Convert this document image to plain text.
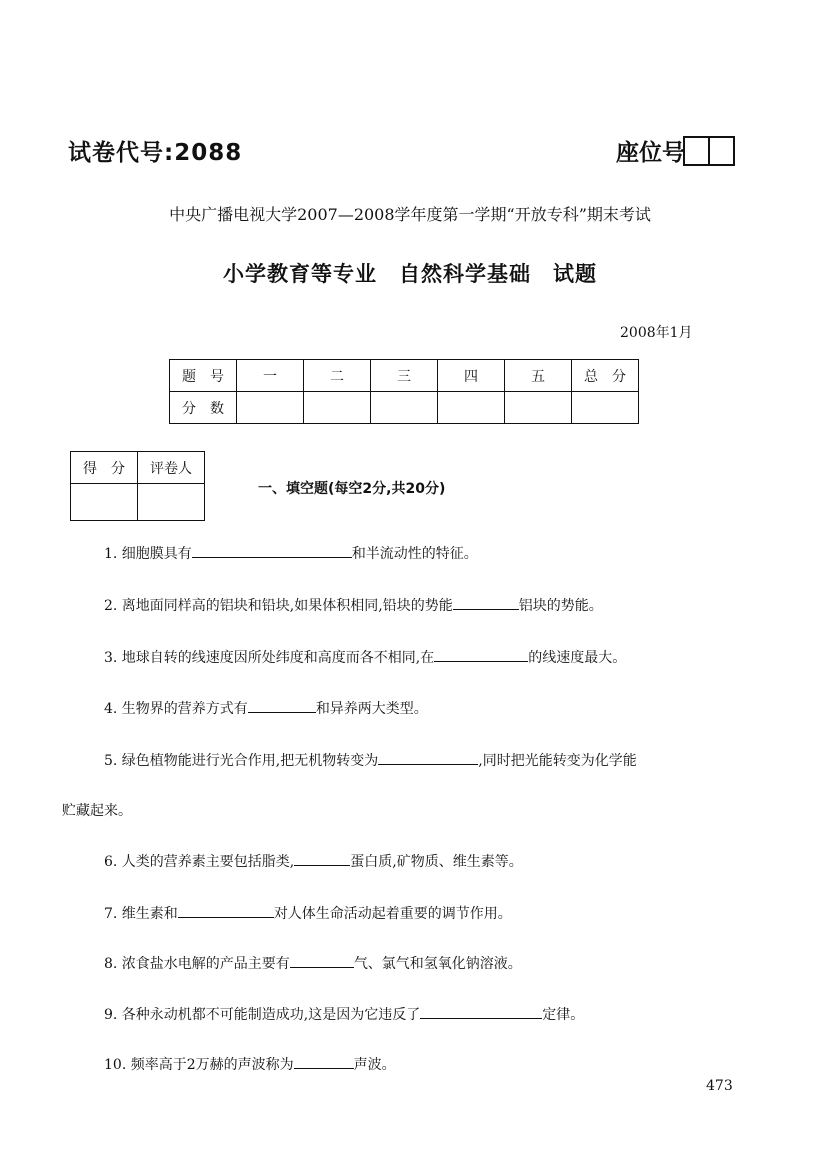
试卷代号:2088	座位号
中央广播电视大学2007—2008学年度第一学期“开放专科”期末考试
小学教育等专业　自然科学基础　试题
2008年1月
题　号	一	二	三	四	五	总　分
分　数						
得　分	评卷人

一、填空题(每空2分,共20分)
1. 细胞膜具有	和半流动性的特征。
2. 离地面同样高的铝块和铅块,如果体积相同,铅块的势能	铝块的势能。
3. 地球自转的线速度因所处纬度和高度而各不相同,在	的线速度最大。
4. 生物界的营养方式有	和异养两大类型。
5. 绿色植物能进行光合作用,把无机物转变为	,同时把光能转变为化学能
贮藏起来。
6. 人类的营养素主要包括脂类,	蛋白质,矿物质、维生素等。
7. 维生素和	对人体生命活动起着重要的调节作用。
8. 浓食盐水电解的产品主要有	气、氯气和氢氧化钠溶液。
9. 各种永动机都不可能制造成功,这是因为它违反了	定律。
10. 频率高于2万赫的声波称为	声波。
473
